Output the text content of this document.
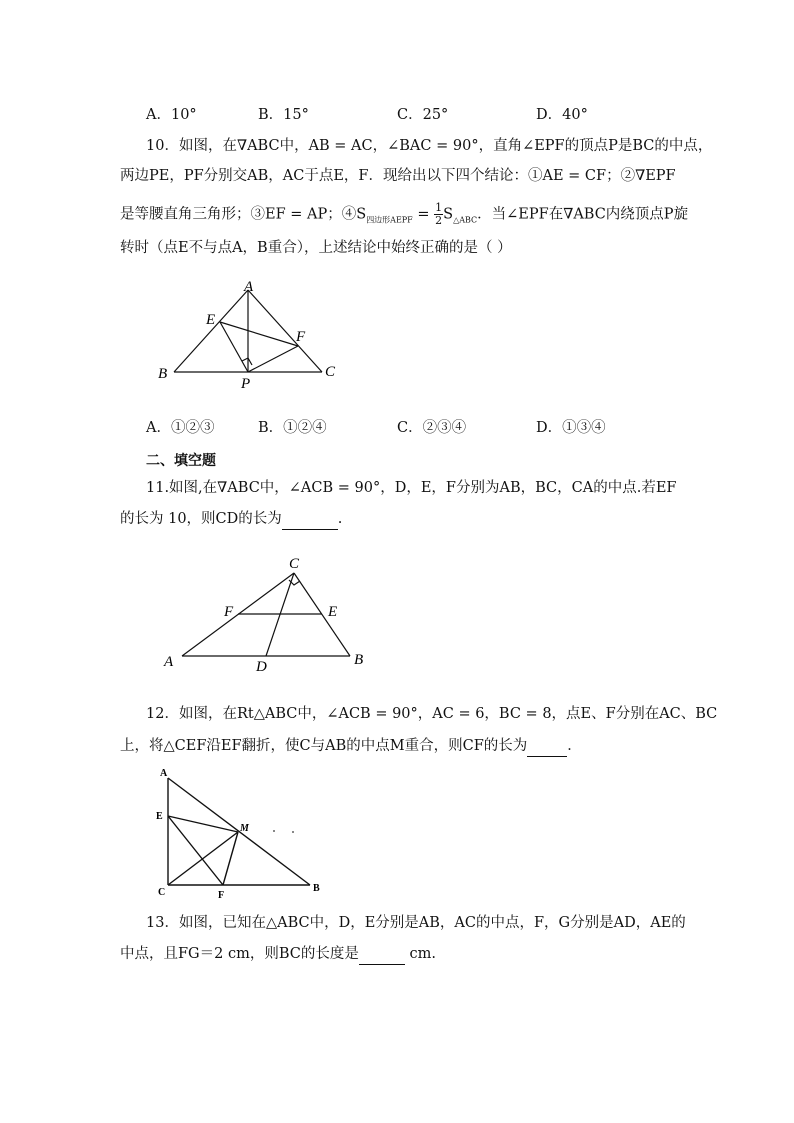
A．10°	B．15°	C．25°	D．40°
10．如图，在∇ABC中，AB = AC，∠BAC = 90°，直角∠EPF的顶点P是BC的中点，
两边PE，PF分别交AB，AC于点E，F．现给出以下四个结论：①AE = CF；②∇EPF
是等腰直角三角形；③EF = AP；$④S_{四边形AEPF} = \frac{1}{2} S_{\triangle ABC}$．当∠EPF在∇ABC内绕顶点P旋
转时（点E不与点A，B重合），上述结论中始终正确的是（ ）
A
E
F
B
P
C
A．①②③	B．①②④	C．②③④	D．①③④
二、填空题
11.如图,在∇ABC中，∠ACB = 90°，D，E，F分别为AB，BC，CA的中点.若EF
的长为 10，则CD的长为	.
C
F	E
A	D	B
12．如图，在Rt△ABC中，∠ACB = 90°，AC = 6，BC = 8，点E、F分别在AC、BC
上，将△CEF沿EF翻折，使C与AB的中点M重合，则CF的长为	．
A
E
M
C	F
B
13．如图，已知在△ABC中，D，E分别是AB，AC的中点，F，G分别是AD，AE的
中点，且FG＝2 cm，则BC的长度是	cm.
